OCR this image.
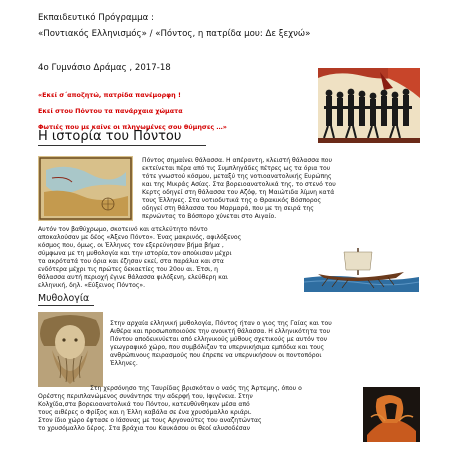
Εκπαιδευτικό Πρόγραμμα :
«Ποντιακός Ελληνισμός» / «Πόντος, η πατρίδα μου: Δε ξεχνώ»
4ο Γυμνάσιο Δράμας , 2017-18
«Εκεί σ΄αποζητώ, πατρίδα πανέμορφη !
Εκεί στου Πόντου τα πανάρχαια χώματα
Φωτιές που με καίνε οι πληγωμένες σου θύμησες …»
Η ιστορία του Πόντου
Πόντος σημαίνει θάλασσα. Η απέραντη, κλειστή θάλασσα που
εκτείνεται πέρα από τις Συμπληγάδες πέτρες ως τα όρια του
τότε γνωστού κόσμου, μεταξύ της νοτιοανατολικής Ευρώπης
και της Μικράς Ασίας. Στα βορειοανατολικά της, το στενό του
Κερτς οδηγεί στη θάλασσα του Αζόφ, τη Μαιώτιδα λίμνη κατά
τους Έλληνες. Στα νοτιοδυτικά της ο Θρακικός Βόσπορος
οδηγεί στη θάλασσα του Μαρμαρά, που με τη σειρά της
περνώντας το Βόσπορο χύνεται στο Αιγαίο.
Αυτόν τον βαθύχρωμο, σκοτεινό και ατελεύτητο πόντο
αποκαλούσαν με δέος «Άξενο Πόντο». Ένας μακρινός, αφιλόξενος
κόσμος που, όμως, οι Έλληνες τον εξερεύνησαν βήμα βήμα ,
σύμφωνα με τη μυθολογία και την ιστορία,τον αποίκισαν μέχρι
τα ακρότατά του όρια και έζησαν εκεί, στα παράλια και στα
ενδότερα μέχρι τις πρώτες δεκαετίες του 20ου αι. Έτσι, η
θάλασσα αυτή περιοχή έγινε θάλασσα φιλόξενη, ελεύθερη και
ελληνική, δηλ. «Εύξεινος Πόντος».
Μυθολογία
Στην αρχαία ελληνική μυθολογία, Πόντος ήταν ο γιος της Γαίας και του
Αιθέρα και προσωποποιούσε την ανοικτή θάλασσα. Η ελληνικότητα του
Πόντου αποδεικνύεται από ελληνικούς μύθους σχετικούς με αυτόν τον
γεωγραφικό χώρο, που συμβόλιζαν τα υπερνικήσιμα εμπόδια και τους
ανθρώπινους πειρασμούς που έπρεπε να υπερνικήσουν οι ποντοπόροι
Έλληνες.
Στη χερσόνησο της Ταυρίδας βρισκόταν ο ναός της Άρτεμης, όπου ο
Ορέστης περιπλανώμενος συνάντησε την αδερφή του, Ιφιγένεια. Στην
Κολχίδα,στα βορειοανατολικά του Πόντου, κατευθύνθηκαν μέσα από
τους αιθέρες ο Φρίξος και η Έλλη καβάλα σε ένα χρυσόμαλλο κριάρι.
Στον ίδιο χώρο έφτασε ο Ιάσονας με τους Αργοναύτες του αναζητώντας
το χρυσόμαλλο δέρος. Στα βράχια του Καυκάσου οι θεοί αλυσοδέσαν
